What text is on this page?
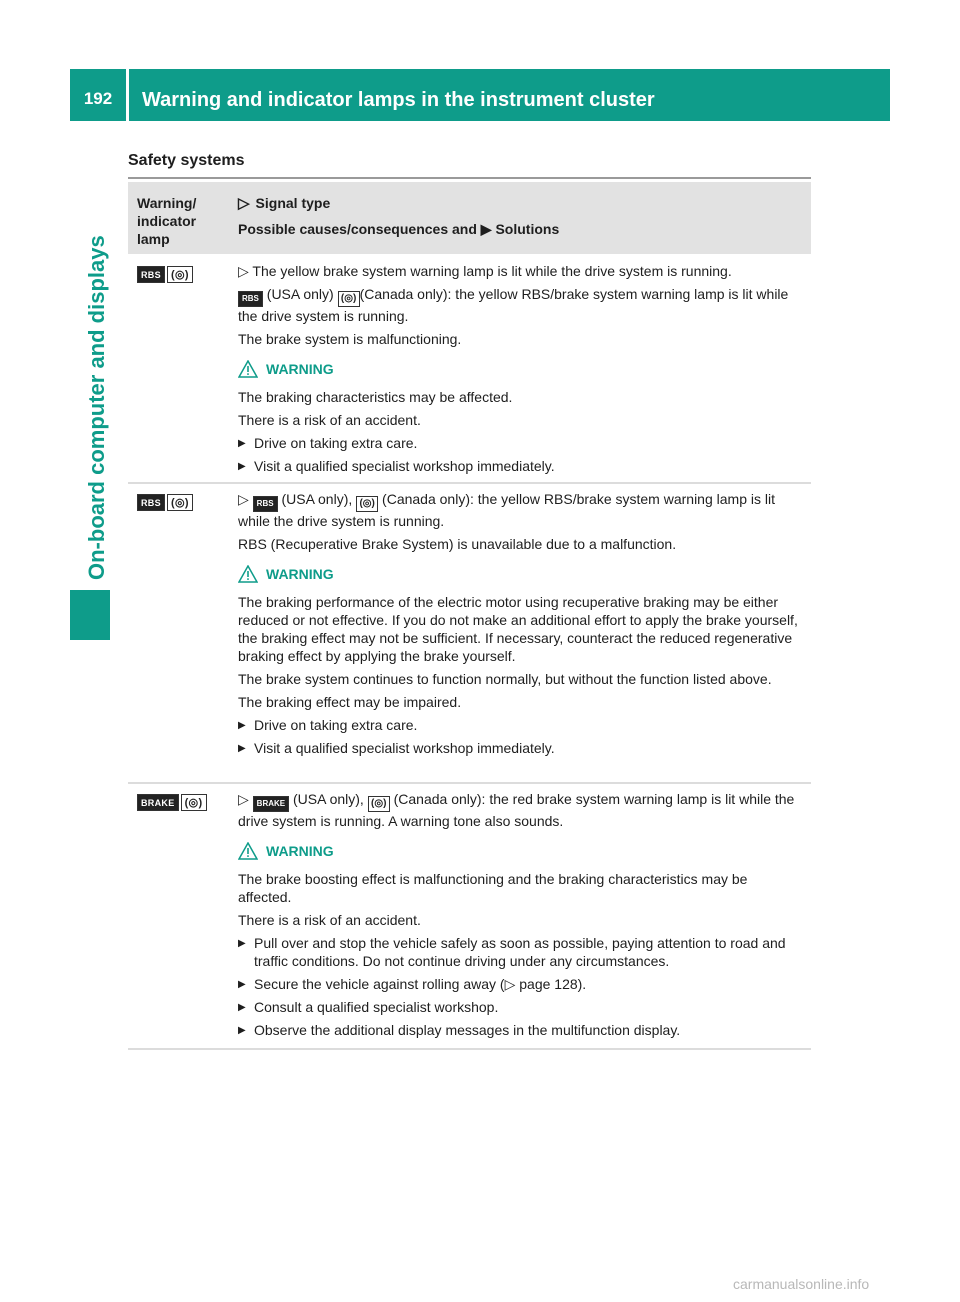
192	Warning and indicator lamps in the instrument cluster
On-board computer and displays
Safety systems
Warning/ indicator lamp
▷ Signal type
Possible causes/consequences and ▶ Solutions
RBS (◎)	▷ The yellow brake system warning lamp is lit while the drive system is running.

RBS (USA only) (◎) (Canada only): the yellow RBS/brake system warning lamp is lit while the drive system is running.

The brake system is malfunctioning.

WARNING

The braking characteristics may be affected.

There is a risk of an accident.

▶ Drive on taking extra care.
▶ Visit a qualified specialist workshop immediately.
RBS (◎)	▷ RBS (USA only), (◎) (Canada only): the yellow RBS/brake system warning lamp is lit while the drive system is running.

RBS (Recuperative Brake System) is unavailable due to a malfunction.

WARNING

The braking performance of the electric motor using recuperative braking may be either reduced or not effective. If you do not make an additional effort to apply the brake yourself, the braking effect may not be sufficient. If necessary, counteract the reduced regenerative braking effect by applying the brake yourself.

The brake system continues to function normally, but without the function listed above.

The braking effect may be impaired.

▶ Drive on taking extra care.
▶ Visit a qualified specialist workshop immediately.
BRAKE (◎)	▷ BRAKE (USA only), (◎) (Canada only): the red brake system warning lamp is lit while the drive system is running. A warning tone also sounds.

WARNING

The brake boosting effect is malfunctioning and the braking characteristics may be affected.

There is a risk of an accident.

▶ Pull over and stop the vehicle safely as soon as possible, paying attention to road and traffic conditions. Do not continue driving under any circumstances.
▶ Secure the vehicle against rolling away (▷ page 128).
▶ Consult a qualified specialist workshop.
▶ Observe the additional display messages in the multifunction display.
carmanualsonline.info
